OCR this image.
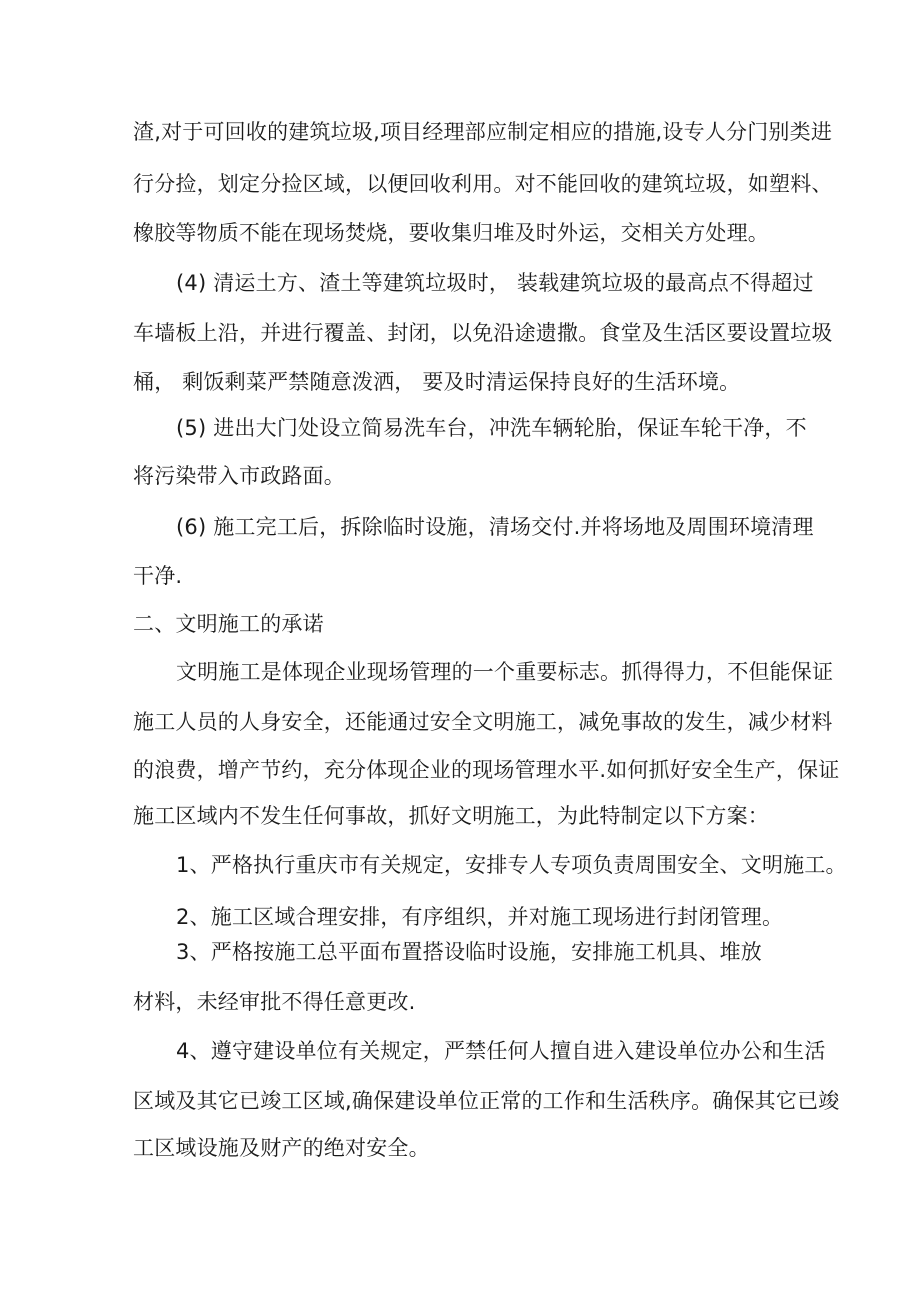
渣,对于可回收的建筑垃圾,项目经理部应制定相应的措施,设专人分门别类进
行分捡，划定分捡区域，以便回收利用。对不能回收的建筑垃圾，如塑料、
橡胶等物质不能在现场焚烧，要收集归堆及时外运，交相关方处理。
(4) 清运土方、渣土等建筑垃圾时， 装载建筑垃圾的最高点不得超过
车墙板上沿，并进行覆盖、封闭，以免沿途遗撒。食堂及生活区要设置垃圾
桶， 剩饭剩菜严禁随意泼洒， 要及时清运保持良好的生活环境。
(5) 进出大门处设立简易洗车台，冲洗车辆轮胎，保证车轮干净，不
将污染带入市政路面。
(6) 施工完工后，拆除临时设施，清场交付.并将场地及周围环境清理
干净.
二、文明施工的承诺
文明施工是体现企业现场管理的一个重要标志。抓得得力，不但能保证
施工人员的人身安全，还能通过安全文明施工，减免事故的发生，减少材料
的浪费，增产节约，充分体现企业的现场管理水平.如何抓好安全生产，保证
施工区域内不发生任何事故，抓好文明施工，为此特制定以下方案：
1、严格执行重庆市有关规定，安排专人专项负责周围安全、文明施工。
2、施工区域合理安排，有序组织，并对施工现场进行封闭管理。
3、严格按施工总平面布置搭设临时设施，安排施工机具、堆放
材料，未经审批不得任意更改.
4、遵守建设单位有关规定，严禁任何人擅自进入建设单位办公和生活
区域及其它已竣工区域,确保建设单位正常的工作和生活秩序。确保其它已竣
工区域设施及财产的绝对安全。
